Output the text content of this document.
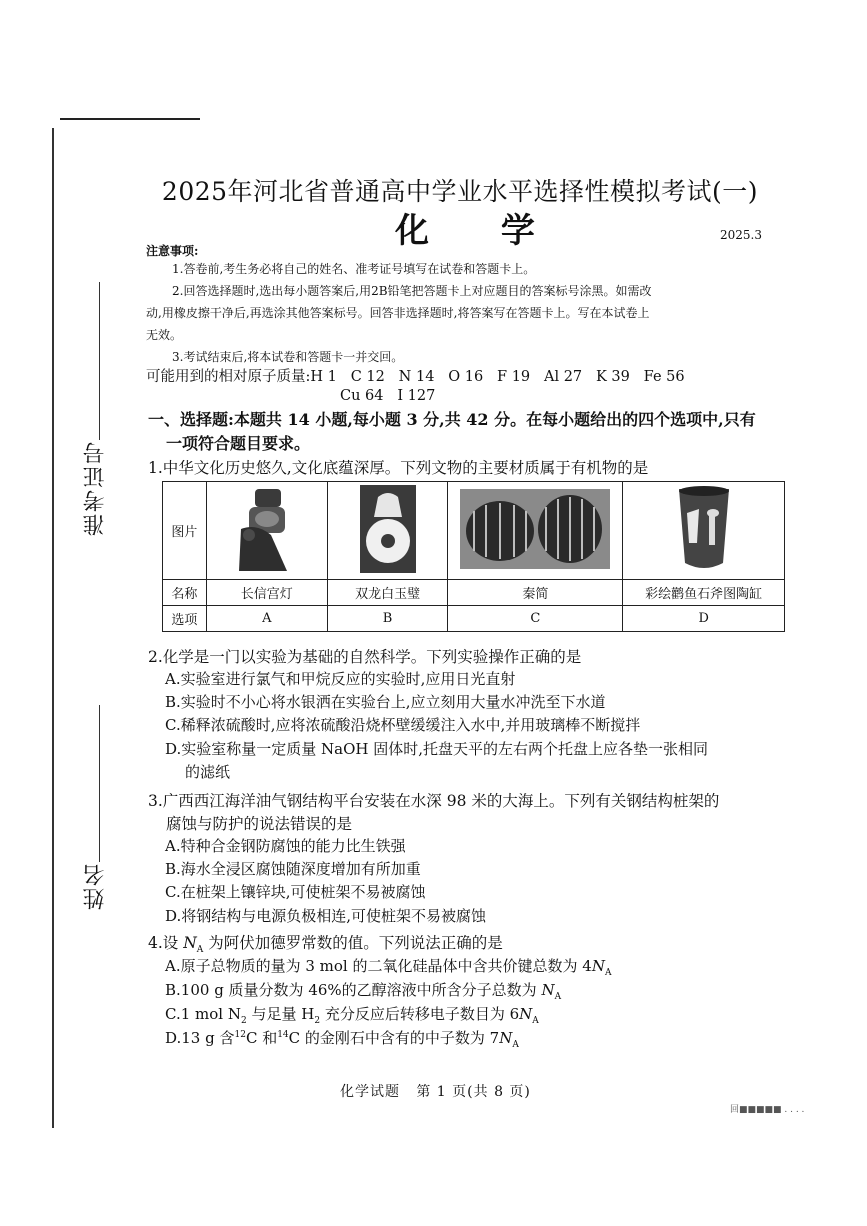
准考证号
姓名
2025年河北省普通高中学业水平选择性模拟考试(一)
化 学	2025.3
注意事项:
1.答卷前,考生务必将自己的姓名、准考证号填写在试卷和答题卡上。
2.回答选择题时,选出每小题答案后,用2B铅笔把答题卡上对应题目的答案标号涂黑。如需改
动,用橡皮擦干净后,再选涂其他答案标号。回答非选择题时,将答案写在答题卡上。写在本试卷上
无效。
3.考试结束后,将本试卷和答题卡一并交回。
可能用到的相对原子质量:H 1   C 12   N 14   O 16   F 19   Al 27   K 39   Fe 56
Cu 64   I 127
一、选择题:本题共 14 小题,每小题 3 分,共 42 分。在每小题给出的四个选项中,只有
一项符合题目要求。
1.中华文化历史悠久,文化底蕴深厚。下列文物的主要材质属于有机物的是
图片				
名称	长信宫灯	双龙白玉璧	秦简	彩绘鹳鱼石斧图陶缸
选项	A	B	C	D
2.化学是一门以实验为基础的自然科学。下列实验操作正确的是
A.实验室进行氯气和甲烷反应的实验时,应用日光直射
B.实验时不小心将水银洒在实验台上,应立刻用大量水冲洗至下水道
C.稀释浓硫酸时,应将浓硫酸沿烧杯壁缓缓注入水中,并用玻璃棒不断搅拌
D.实验室称量一定质量 NaOH 固体时,托盘天平的左右两个托盘上应各垫一张相同
的滤纸
3.广西西江海洋油气钢结构平台安装在水深 98 米的大海上。下列有关钢结构桩架的
腐蚀与防护的说法错误的是
A.特种合金钢防腐蚀的能力比生铁强
B.海水全浸区腐蚀随深度增加有所加重
C.在桩架上镶锌块,可使桩架不易被腐蚀
D.将钢结构与电源负极相连,可使桩架不易被腐蚀
4.设 $N_A$ 为阿伏加德罗常数的值。下列说法正确的是
A.原子总物质的量为 3 mol 的二氧化硅晶体中含共价键总数为 $4N_A$
B.100 g 质量分数为 46%的乙醇溶液中所含分子总数为 $N_A$
C.1 mol $N_2$ 与足量 $H_2$ 充分反应后转移电子数目为 $6N_A$
D.13 g 含$^{12}$C 和$^{14}$C 的金刚石中含有的中子数为 $7N_A$
化学试题   第 1 页(共 8 页)
回■■■■■ . . . .
